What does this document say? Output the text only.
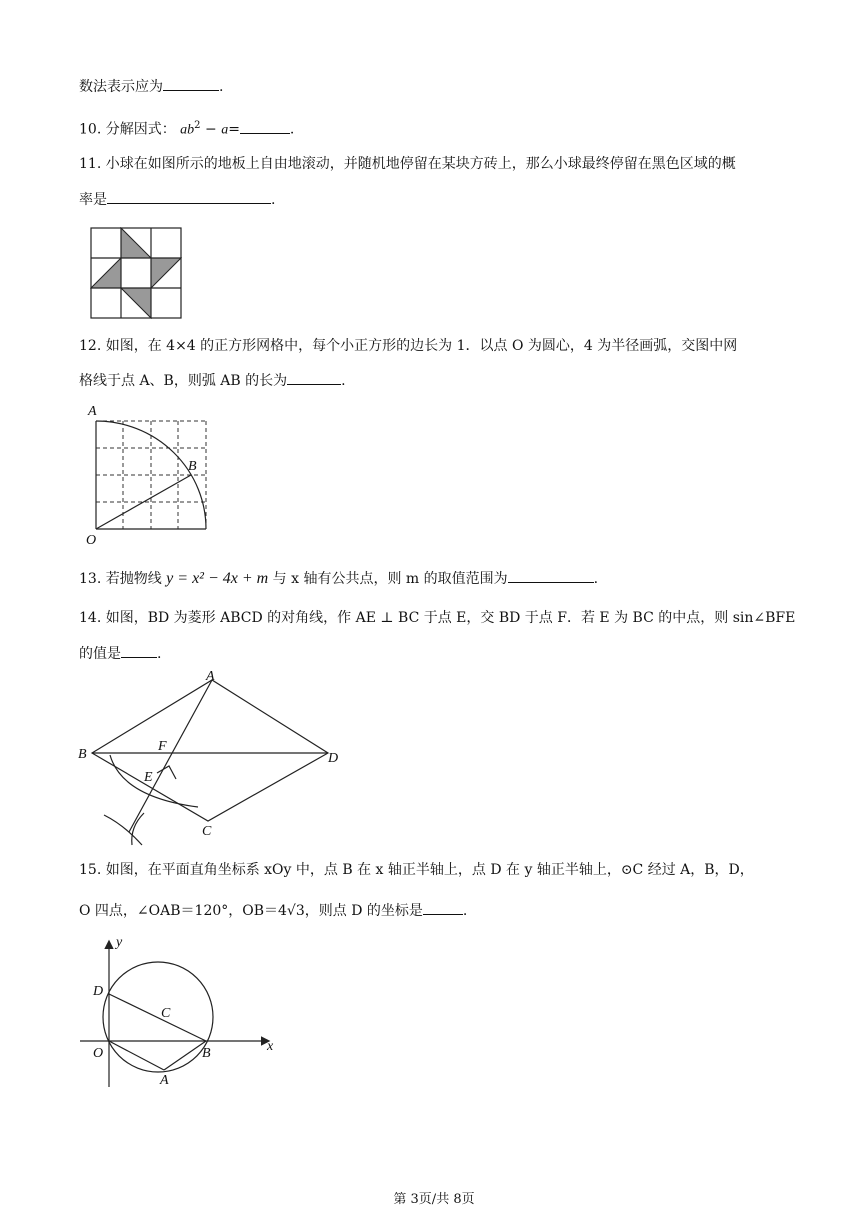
数法表示应为	.
10. 分解因式： $ab^2 - a=$	.
11. 小球在如图所示的地板上自由地滚动，并随机地停留在某块方砖上，那么小球最终停留在黑色区域的概
率是	.
12. 如图，在 4×4 的正方形网格中，每个小正方形的边长为 1．以点 O 为圆心，4 为半径画弧，交图中网
格线于点 A、B，则弧 AB 的长为	.
A
B
O
13. 若抛物线 y = x² − 4x + m 与 x 轴有公共点，则 m 的取值范围为	.
14. 如图，BD 为菱形 ABCD 的对角线，作 AE ⊥ BC 于点 E，交 BD 于点 F．若 E 为 BC 的中点，则 sin∠BFE
的值是	.
A
B
C
D
E
F
15. 如图，在平面直角坐标系 xOy 中，点 B 在 x 轴正半轴上，点 D 在 y 轴正半轴上，⊙C 经过 A，B，D，
O 四点，∠OAB＝120°，OB＝4√3，则点 D 的坐标是	.
y
x
D
C
O	B
A
第 3页/共 8页
